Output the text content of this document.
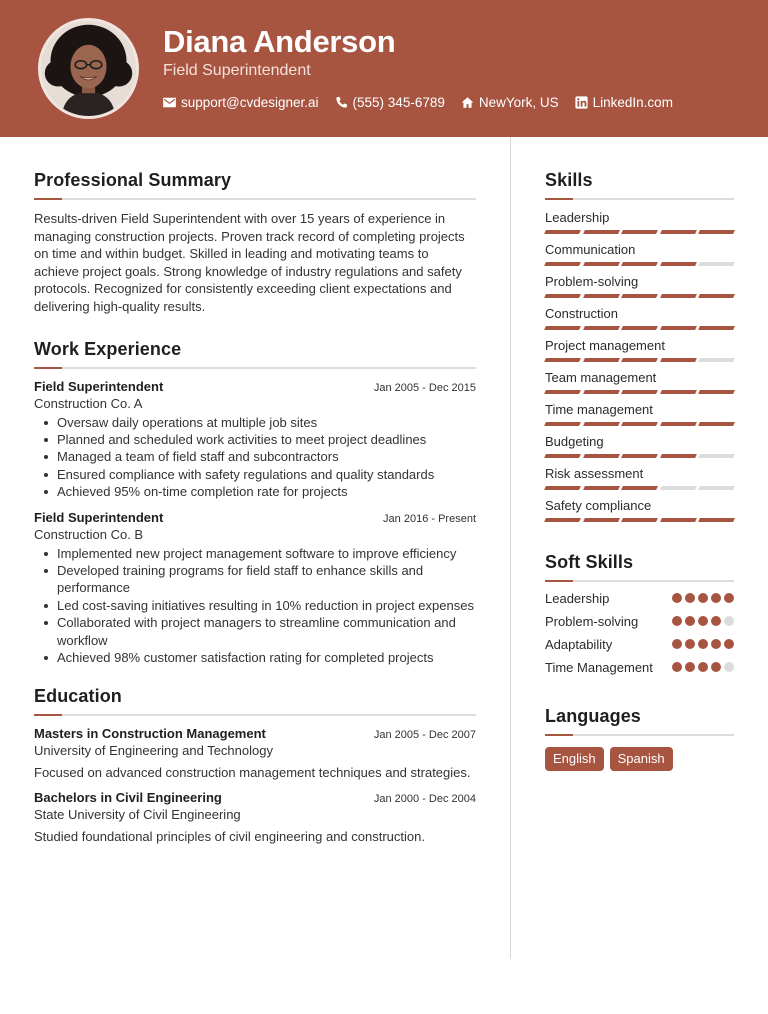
Diana Anderson
Field Superintendent
support@cvdesigner.ai	(555) 345-6789	NewYork, US	LinkedIn.com
Professional Summary

Results-driven Field Superintendent with over 15 years of experience in managing construction projects. Proven track record of completing projects on time and within budget. Skilled in leading and motivating teams to achieve project goals. Strong knowledge of industry regulations and safety protocols. Recognized for consistently exceeding client expectations and delivering high-quality results.

Work Experience
Field Superintendent	Jan 2005 - Dec 2015
Construction Co. A
Oversaw daily operations at multiple job sites
Planned and scheduled work activities to meet project deadlines
Managed a team of field staff and subcontractors
Ensured compliance with safety regulations and quality standards
Achieved 95% on-time completion rate for projects
Field Superintendent	Jan 2016 - Present
Construction Co. B
Implemented new project management software to improve efficiency
Developed training programs for field staff to enhance skills and performance
Led cost-saving initiatives resulting in 10% reduction in project expenses
Collaborated with project managers to streamline communication and workflow
Achieved 98% customer satisfaction rating for completed projects
Education
Masters in Construction Management	Jan 2005 - Dec 2007
University of Engineering and Technology

Focused on advanced construction management techniques and strategies.

Bachelors in Civil Engineering	Jan 2000 - Dec 2004
State University of Civil Engineering

Studied foundational principles of civil engineering and construction.

Skills
Leadership
Communication
Problem-solving
Construction
Project management
Team management
Time management
Budgeting
Risk assessment
Safety compliance
Soft Skills
Leadership
Problem-solving
Adaptability
Time Management
Languages
English	Spanish
